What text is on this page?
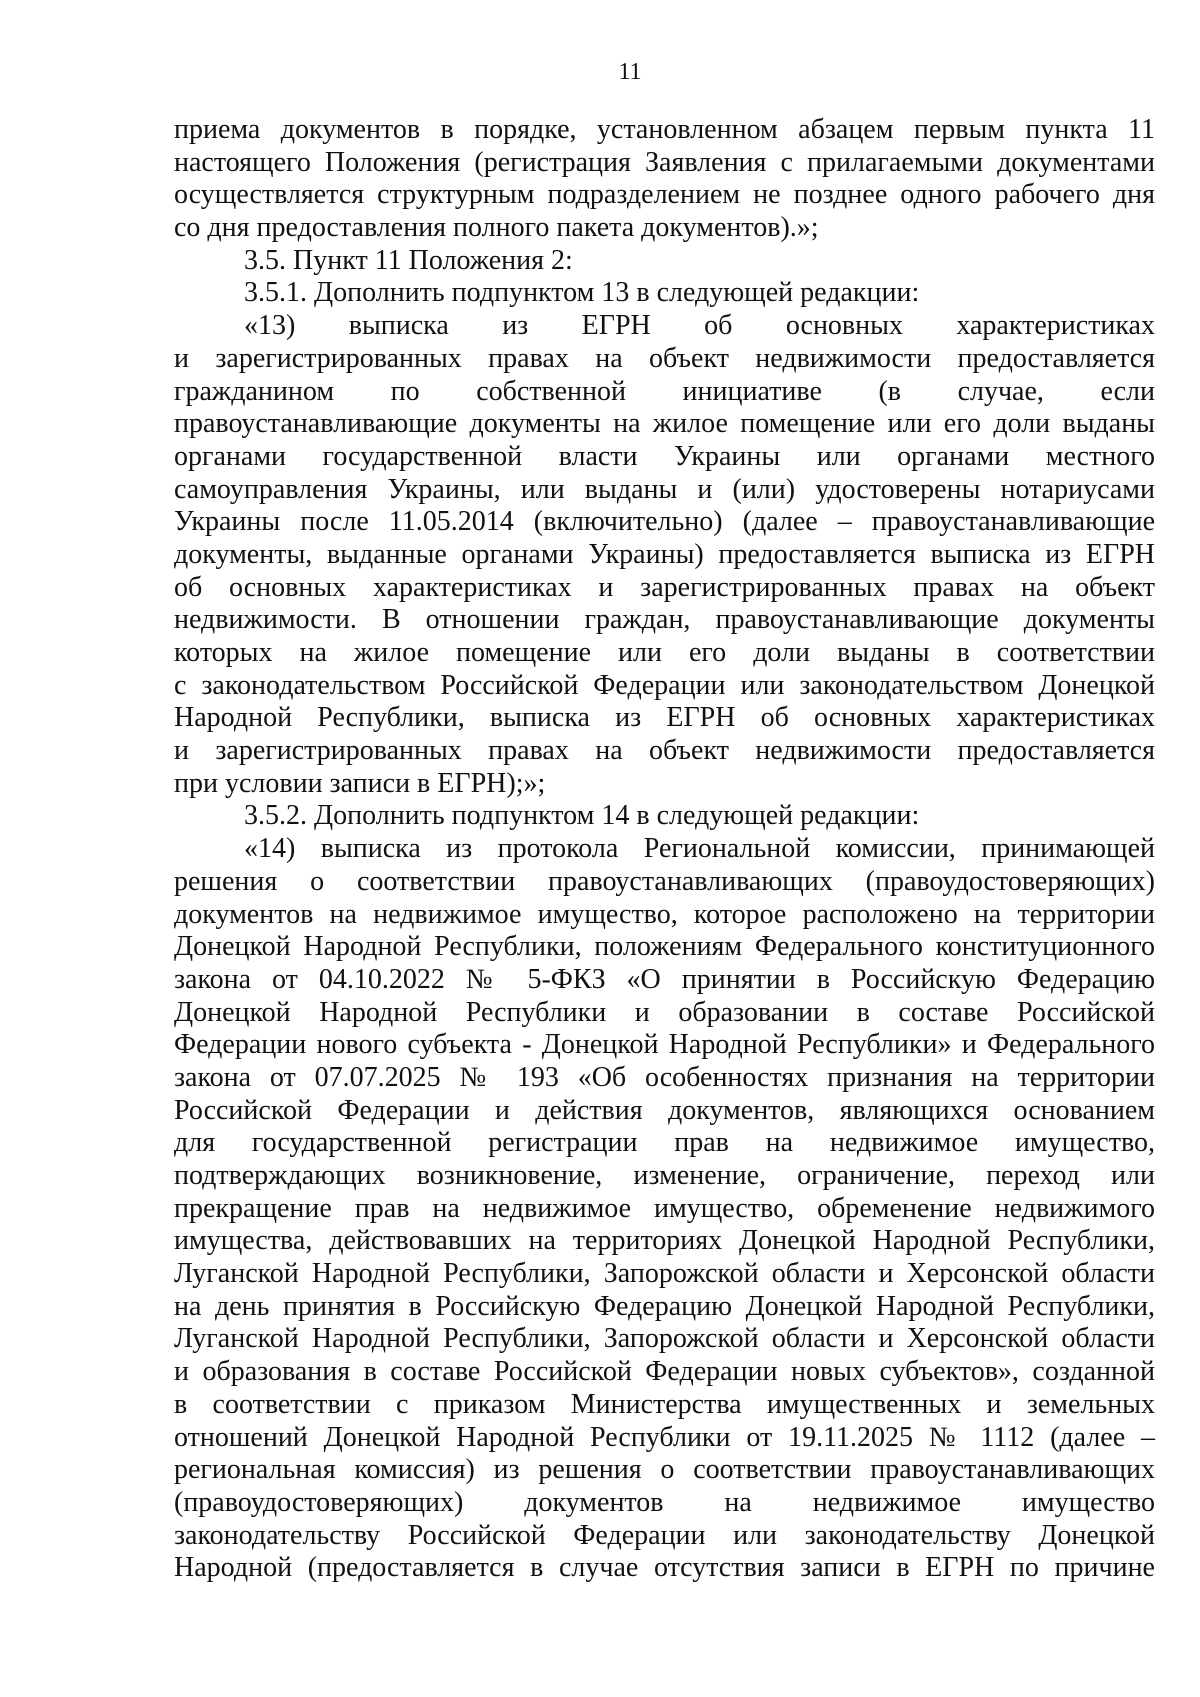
11
приема документов в порядке, установленном абзацем первым пункта 11
настоящего Положения (регистрация Заявления с прилагаемыми документами
осуществляется структурным подразделением не позднее одного рабочего дня
со дня предоставления полного пакета документов).»;
3.5. Пункт 11 Положения 2:
3.5.1. Дополнить подпунктом 13 в следующей редакции:
«13) выписка из ЕГРН об основных характеристиках
и зарегистрированных правах на объект недвижимости предоставляется
гражданином по собственной инициативе (в случае, если
правоустанавливающие документы на жилое помещение или его доли выданы
органами государственной власти Украины или органами местного
самоуправления Украины, или выданы и (или) удостоверены нотариусами
Украины после 11.05.2014 (включительно) (далее – правоустанавливающие
документы, выданные органами Украины) предоставляется выписка из ЕГРН
об основных характеристиках и зарегистрированных правах на объект
недвижимости. В отношении граждан, правоустанавливающие документы
которых на жилое помещение или его доли выданы в соответствии
с законодательством Российской Федерации или законодательством Донецкой
Народной Республики, выписка из ЕГРН об основных характеристиках
и зарегистрированных правах на объект недвижимости предоставляется
при условии записи в ЕГРН);»;
3.5.2. Дополнить подпунктом 14 в следующей редакции:
«14) выписка из протокола Региональной комиссии, принимающей
решения о соответствии правоустанавливающих (правоудостоверяющих)
документов на недвижимое имущество, которое расположено на территории
Донецкой Народной Республики, положениям Федерального конституционного
закона от 04.10.2022 № 5-ФКЗ «О принятии в Российскую Федерацию
Донецкой Народной Республики и образовании в составе Российской
Федерации нового субъекта - Донецкой Народной Республики» и Федерального
закона от 07.07.2025 № 193 «Об особенностях признания на территории
Российской Федерации и действия документов, являющихся основанием
для государственной регистрации прав на недвижимое имущество,
подтверждающих возникновение, изменение, ограничение, переход или
прекращение прав на недвижимое имущество, обременение недвижимого
имущества, действовавших на территориях Донецкой Народной Республики,
Луганской Народной Республики, Запорожской области и Херсонской области
на день принятия в Российскую Федерацию Донецкой Народной Республики,
Луганской Народной Республики, Запорожской области и Херсонской области
и образования в составе Российской Федерации новых субъектов», созданной
в соответствии с приказом Министерства имущественных и земельных
отношений Донецкой Народной Республики от 19.11.2025 № 1112 (далее –
региональная комиссия) из решения о соответствии правоустанавливающих
(правоудостоверяющих) документов на недвижимое имущество
законодательству Российской Федерации или законодательству Донецкой
Народной (предоставляется в случае отсутствия записи в ЕГРН по причине
